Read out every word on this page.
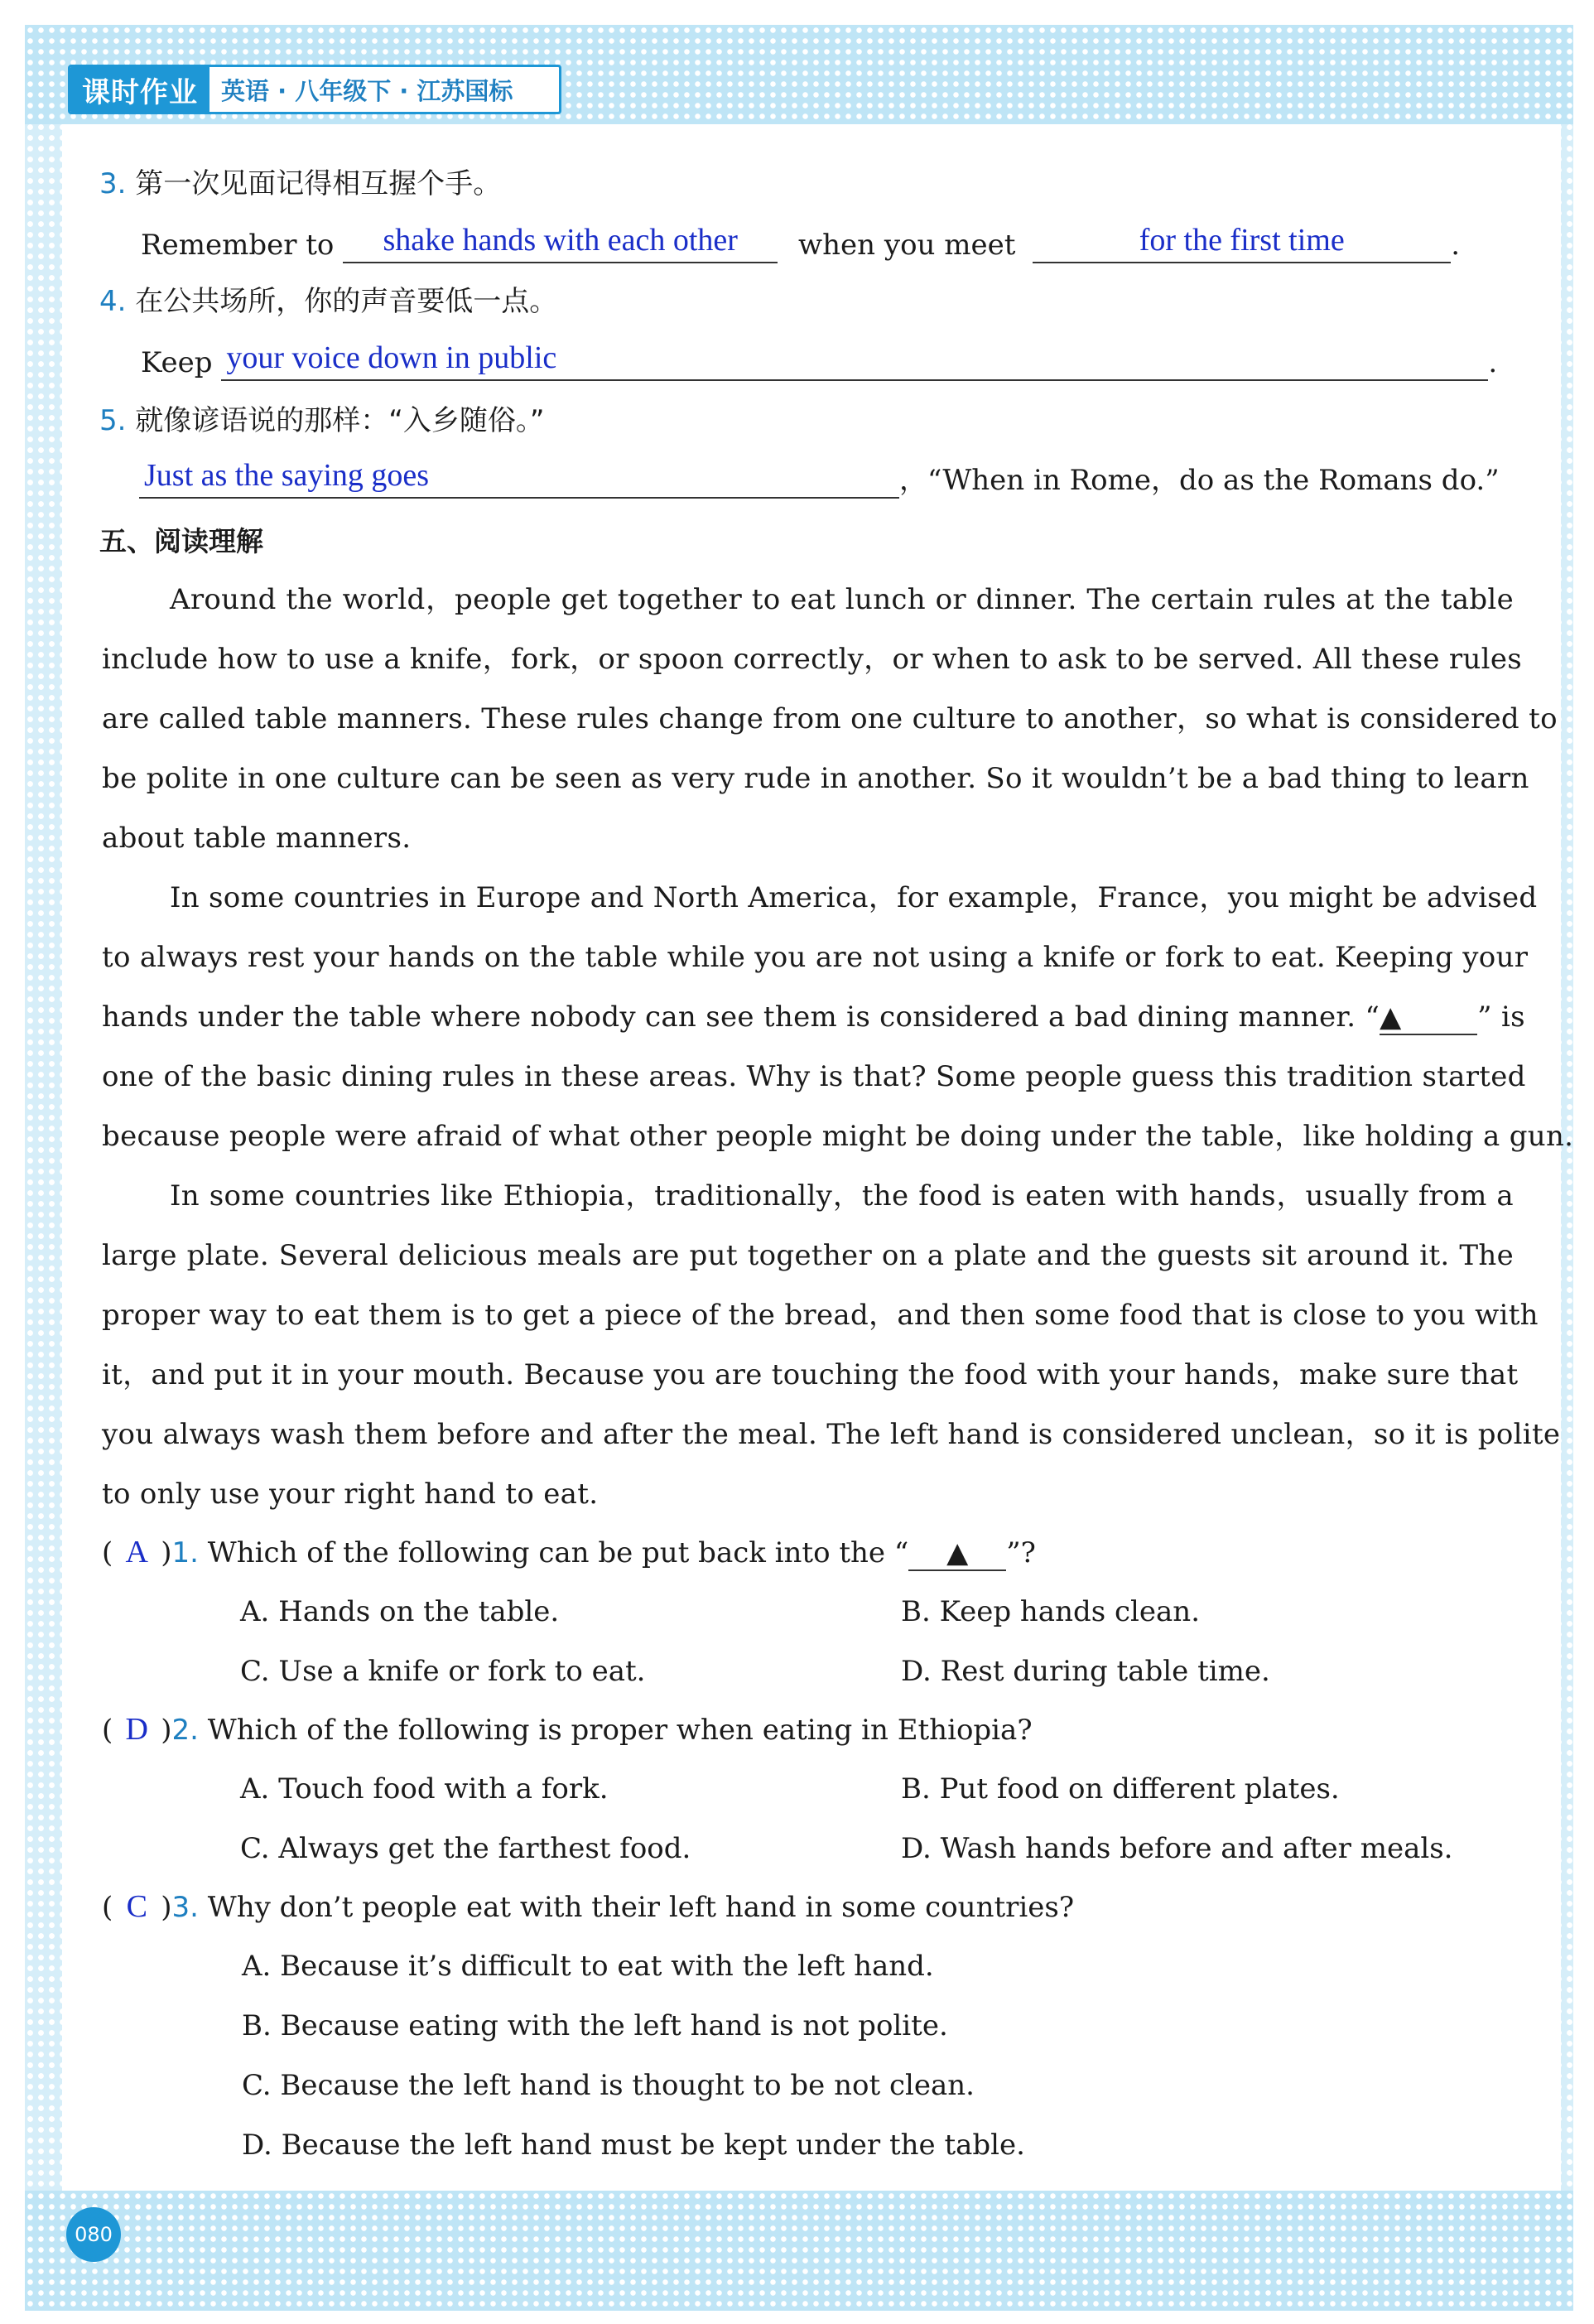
课时作业 英语 · 八年级下 · 江苏国标
3. 第一次见面记得相互握个手。
Remember to	shake hands with each other	when you meet	for the first time	.
4. 在公共场所，你的声音要低一点。
Keep your voice down in public	.
5. 就像谚语说的那样：“入乡随俗。”
Just as the saying goes	，“When in Rome，do as the Romans do.”
五、阅读理解
Around the world，people get together to eat lunch or dinner. The certain rules at the table
include how to use a knife，fork，or spoon correctly，or when to ask to be served. All these rules
are called table manners. These rules change from one culture to another，so what is considered to
be polite in one culture can be seen as very rude in another. So it wouldn’t be a bad thing to learn
about table manners.
In some countries in Europe and North America，for example，France，you might be advised
to always rest your hands on the table while you are not using a knife or fork to eat. Keeping your
hands under the table where nobody can see them is considered a bad dining manner. “▲	” is
one of the basic dining rules in these areas. Why is that? Some people guess this tradition started
because people were afraid of what other people might be doing under the table，like holding a gun.
In some countries like Ethiopia，traditionally，the food is eaten with hands，usually from a
large plate. Several delicious meals are put together on a plate and the guests sit around it. The
proper way to eat them is to get a piece of the bread，and then some food that is close to you with
it，and put it in your mouth. Because you are touching the food with your hands，make sure that
you always wash them before and after the meal. The left hand is considered unclean，so it is polite
to only use your right hand to eat.
( A )1. Which of the following can be put back into the “ ▲ ”?
A. Hands on the table.	B. Keep hands clean.
C. Use a knife or fork to eat.	D. Rest during table time.
( D )2. Which of the following is proper when eating in Ethiopia?
A. Touch food with a fork.	B. Put food on different plates.
C. Always get the farthest food.	D. Wash hands before and after meals.
( C )3. Why don’t people eat with their left hand in some countries?
A. Because it’s difficult to eat with the left hand.
B. Because eating with the left hand is not polite.
C. Because the left hand is thought to be not clean.
D. Because the left hand must be kept under the table.
080
